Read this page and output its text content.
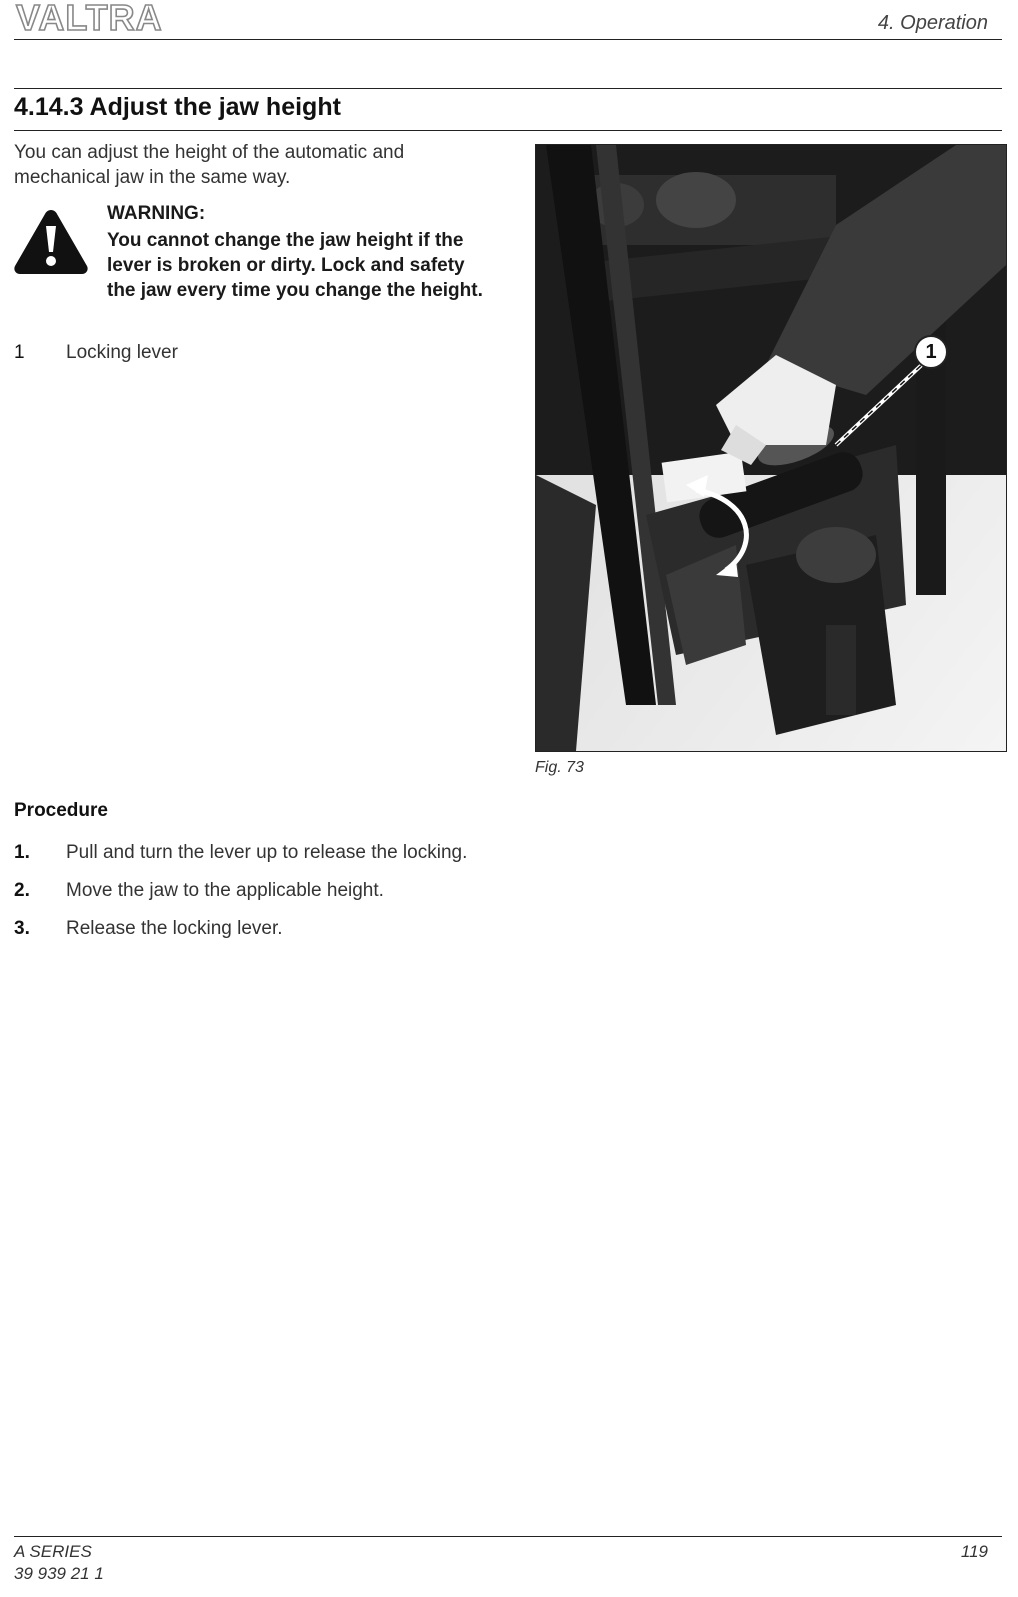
VALTRA	4. Operation
4.14.3 Adjust the jaw height
You can adjust the height of the automatic and mechanical jaw in the same way.
WARNING:
You cannot change the jaw height if the lever is broken or dirty. Lock and safety the jaw every time you change the height.
1 Locking lever	1
Fig. 73
Procedure
1. Pull and turn the lever up to release the locking.
2. Move the jaw to the applicable height.
3. Release the locking lever.
A SERIES
39 939 21 1
119
